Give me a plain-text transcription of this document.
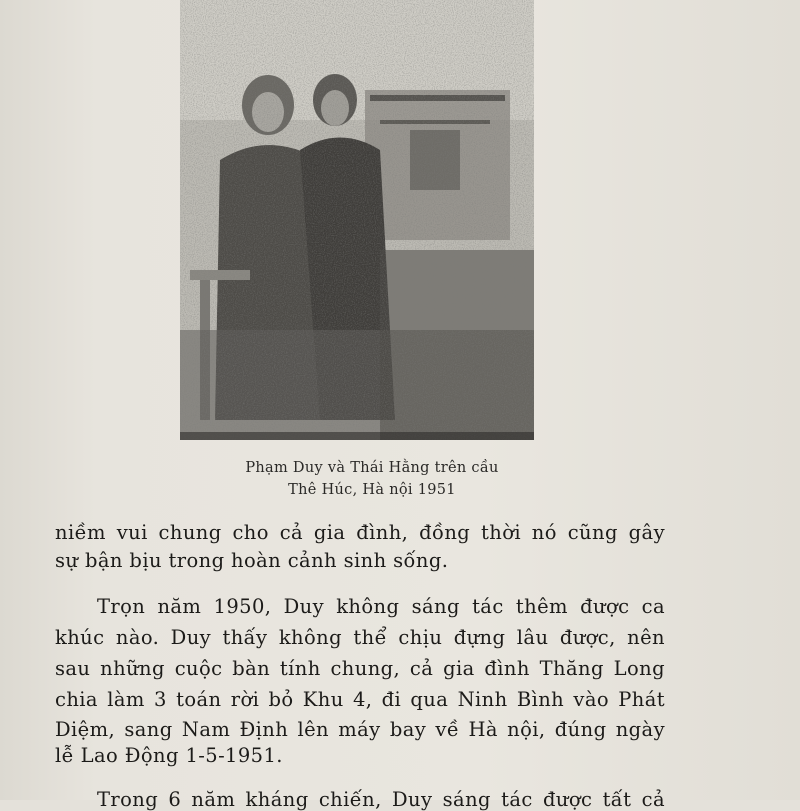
Phạm Duy và Thái Hằng trên cầu
Thê Húc, Hà nội 1951
niềm vui chung cho cả gia đình, đồng thời nó cũng gây
sự bận bịu trong hoàn cảnh sinh sống.
Trọn năm 1950, Duy không sáng tác thêm được ca
khúc nào. Duy thấy không thể chịu đựng lâu được, nên
sau những cuộc bàn tính chung, cả gia đình Thăng Long
chia làm 3 toán rời bỏ Khu 4, đi qua Ninh Bình vào Phát
Diệm, sang Nam Định lên máy bay về Hà nội, đúng ngày
lễ Lao Động 1-5-1951.
Trong 6 năm kháng chiến, Duy sáng tác được tất cả
